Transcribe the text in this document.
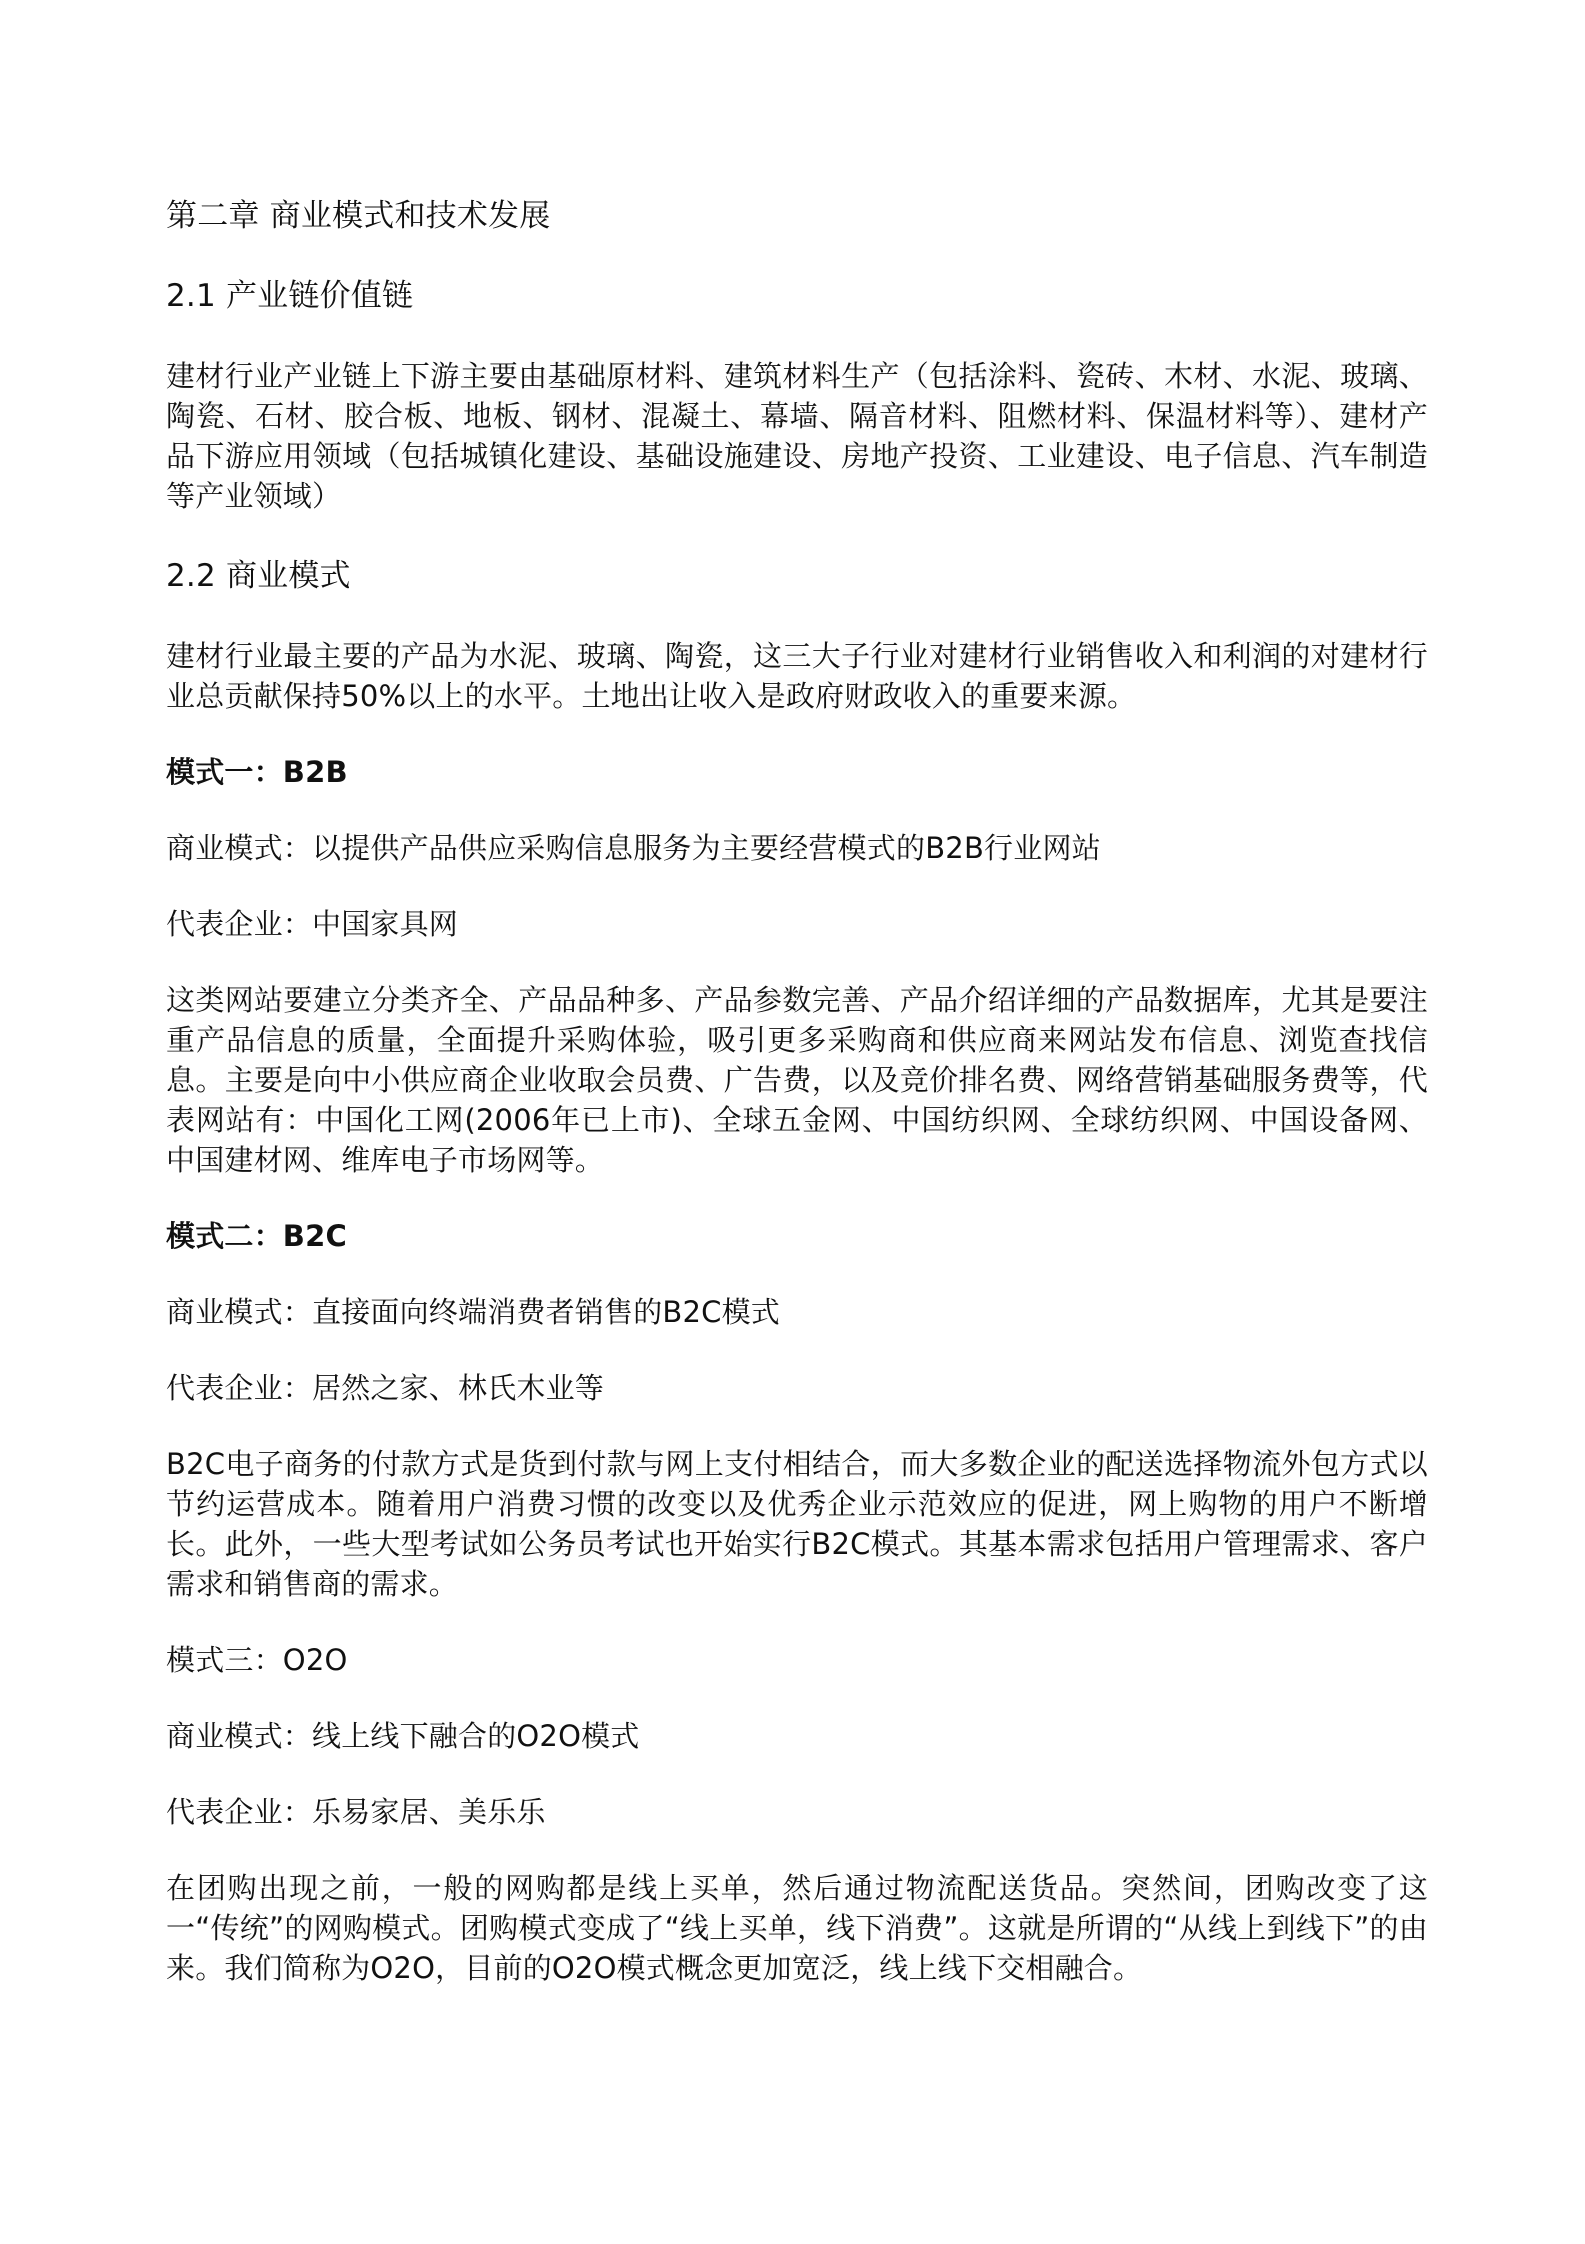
第二章 商业模式和技术发展
2.1 产业链价值链
建材行业产业链上下游主要由基础原材料、建筑材料生产（包括涂料、瓷砖、木材、水泥、玻璃、陶瓷、石材、胶合板、地板、钢材、混凝土、幕墙、隔音材料、阻燃材料、保温材料等）、建材产品下游应用领域（包括城镇化建设、基础设施建设、房地产投资、工业建设、电子信息、汽车制造等产业领域）
2.2 商业模式
建材行业最主要的产品为水泥、玻璃、陶瓷，这三大子行业对建材行业销售收入和利润的对建材行业总贡献保持50%以上的水平。土地出让收入是政府财政收入的重要来源。
模式一：B2B
商业模式：以提供产品供应采购信息服务为主要经营模式的B2B行业网站
代表企业：中国家具网
这类网站要建立分类齐全、产品品种多、产品参数完善、产品介绍详细的产品数据库，尤其是要注重产品信息的质量，全面提升采购体验，吸引更多采购商和供应商来网站发布信息、浏览查找信息。主要是向中小供应商企业收取会员费、广告费，以及竞价排名费、网络营销基础服务费等，代表网站有：中国化工网(2006年已上市)、全球五金网、中国纺织网、全球纺织网、中国设备网、中国建材网、维库电子市场网等。
模式二：B2C
商业模式：直接面向终端消费者销售的B2C模式
代表企业：居然之家、林氏木业等
B2C电子商务的付款方式是货到付款与网上支付相结合，而大多数企业的配送选择物流外包方式以节约运营成本。随着用户消费习惯的改变以及优秀企业示范效应的促进，网上购物的用户不断增长。此外，一些大型考试如公务员考试也开始实行B2C模式。其基本需求包括用户管理需求、客户需求和销售商的需求。
模式三：O2O
商业模式：线上线下融合的O2O模式
代表企业：乐易家居、美乐乐
在团购出现之前，一般的网购都是线上买单，然后通过物流配送货品。突然间，团购改变了这一“传统”的网购模式。团购模式变成了“线上买单，线下消费”。这就是所谓的“从线上到线下”的由来。我们简称为O2O，目前的O2O模式概念更加宽泛，线上线下交相融合。
